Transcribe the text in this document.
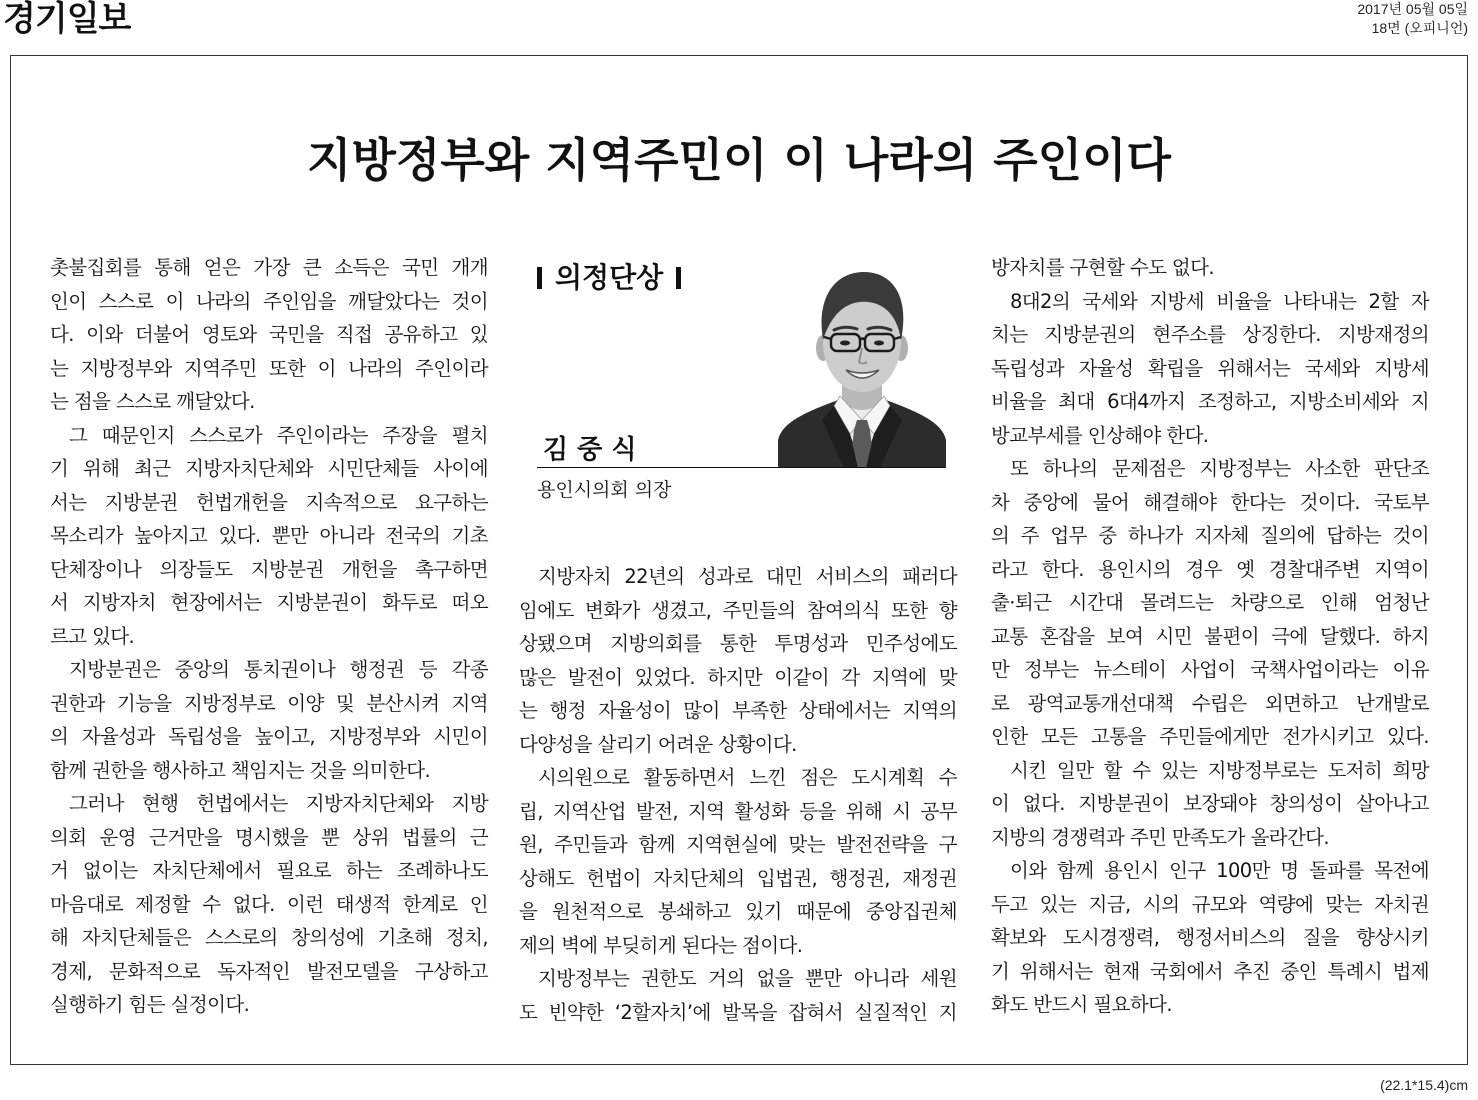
경기일보	2017년 05월 05일
18면 (오피니언)
지방정부와 지역주민이 이 나라의 주인이다
의정단상
김 중 식
용인시의회 의장
촛불집회를 통해 얻은 가장 큰 소득은 국민 개개
인이 스스로 이 나라의 주인임을 깨달았다는 것이
다. 이와 더불어 영토와 국민을 직접 공유하고 있
는 지방정부와 지역주민 또한 이 나라의 주인이라
는 점을 스스로 깨달았다.
그 때문인지 스스로가 주인이라는 주장을 펼치
기 위해 최근 지방자치단체와 시민단체들 사이에
서는 지방분권 헌법개헌을 지속적으로 요구하는
목소리가 높아지고 있다. 뿐만 아니라 전국의 기초
단체장이나 의장들도 지방분권 개헌을 촉구하면
서 지방자치 현장에서는 지방분권이 화두로 떠오
르고 있다.
지방분권은 중앙의 통치권이나 행정권 등 각종
권한과 기능을 지방정부로 이양 및 분산시켜 지역
의 자율성과 독립성을 높이고, 지방정부와 시민이
함께 권한을 행사하고 책임지는 것을 의미한다.
그러나 현행 헌법에서는 지방자치단체와 지방
의회 운영 근거만을 명시했을 뿐 상위 법률의 근
거 없이는 자치단체에서 필요로 하는 조례하나도
마음대로 제정할 수 없다. 이런 태생적 한계로 인
해 자치단체들은 스스로의 창의성에 기초해 정치,
경제, 문화적으로 독자적인 발전모델을 구상하고
실행하기 힘든 실정이다.
지방자치 22년의 성과로 대민 서비스의 패러다
임에도 변화가 생겼고, 주민들의 참여의식 또한 향
상됐으며 지방의회를 통한 투명성과 민주성에도
많은 발전이 있었다. 하지만 이같이 각 지역에 맞
는 행정 자율성이 많이 부족한 상태에서는 지역의
다양성을 살리기 어려운 상황이다.
시의원으로 활동하면서 느낀 점은 도시계획 수
립, 지역산업 발전, 지역 활성화 등을 위해 시 공무
원, 주민들과 함께 지역현실에 맞는 발전전략을 구
상해도 헌법이 자치단체의 입법권, 행정권, 재정권
을 원천적으로 봉쇄하고 있기 때문에 중앙집권체
제의 벽에 부딪히게 된다는 점이다.
지방정부는 권한도 거의 없을 뿐만 아니라 세원
도 빈약한 ‘2할자치’에 발목을 잡혀서 실질적인 지
방자치를 구현할 수도 없다.
8대2의 국세와 지방세 비율을 나타내는 2할 자
치는 지방분권의 현주소를 상징한다. 지방재정의
독립성과 자율성 확립을 위해서는 국세와 지방세
비율을 최대 6대4까지 조정하고, 지방소비세와 지
방교부세를 인상해야 한다.
또 하나의 문제점은 지방정부는 사소한 판단조
차 중앙에 물어 해결해야 한다는 것이다. 국토부
의 주 업무 중 하나가 지자체 질의에 답하는 것이
라고 한다. 용인시의 경우 옛 경찰대주변 지역이
출·퇴근 시간대 몰려드는 차량으로 인해 엄청난
교통 혼잡을 보여 시민 불편이 극에 달했다. 하지
만 정부는 뉴스테이 사업이 국책사업이라는 이유
로 광역교통개선대책 수립은 외면하고 난개발로
인한 모든 고통을 주민들에게만 전가시키고 있다.
시킨 일만 할 수 있는 지방정부로는 도저히 희망
이 없다. 지방분권이 보장돼야 창의성이 살아나고
지방의 경쟁력과 주민 만족도가 올라간다.
이와 함께 용인시 인구 100만 명 돌파를 목전에
두고 있는 지금, 시의 규모와 역량에 맞는 자치권
확보와 도시경쟁력, 행정서비스의 질을 향상시키
기 위해서는 현재 국회에서 추진 중인 특례시 법제
화도 반드시 필요하다.
(22.1*15.4)cm
